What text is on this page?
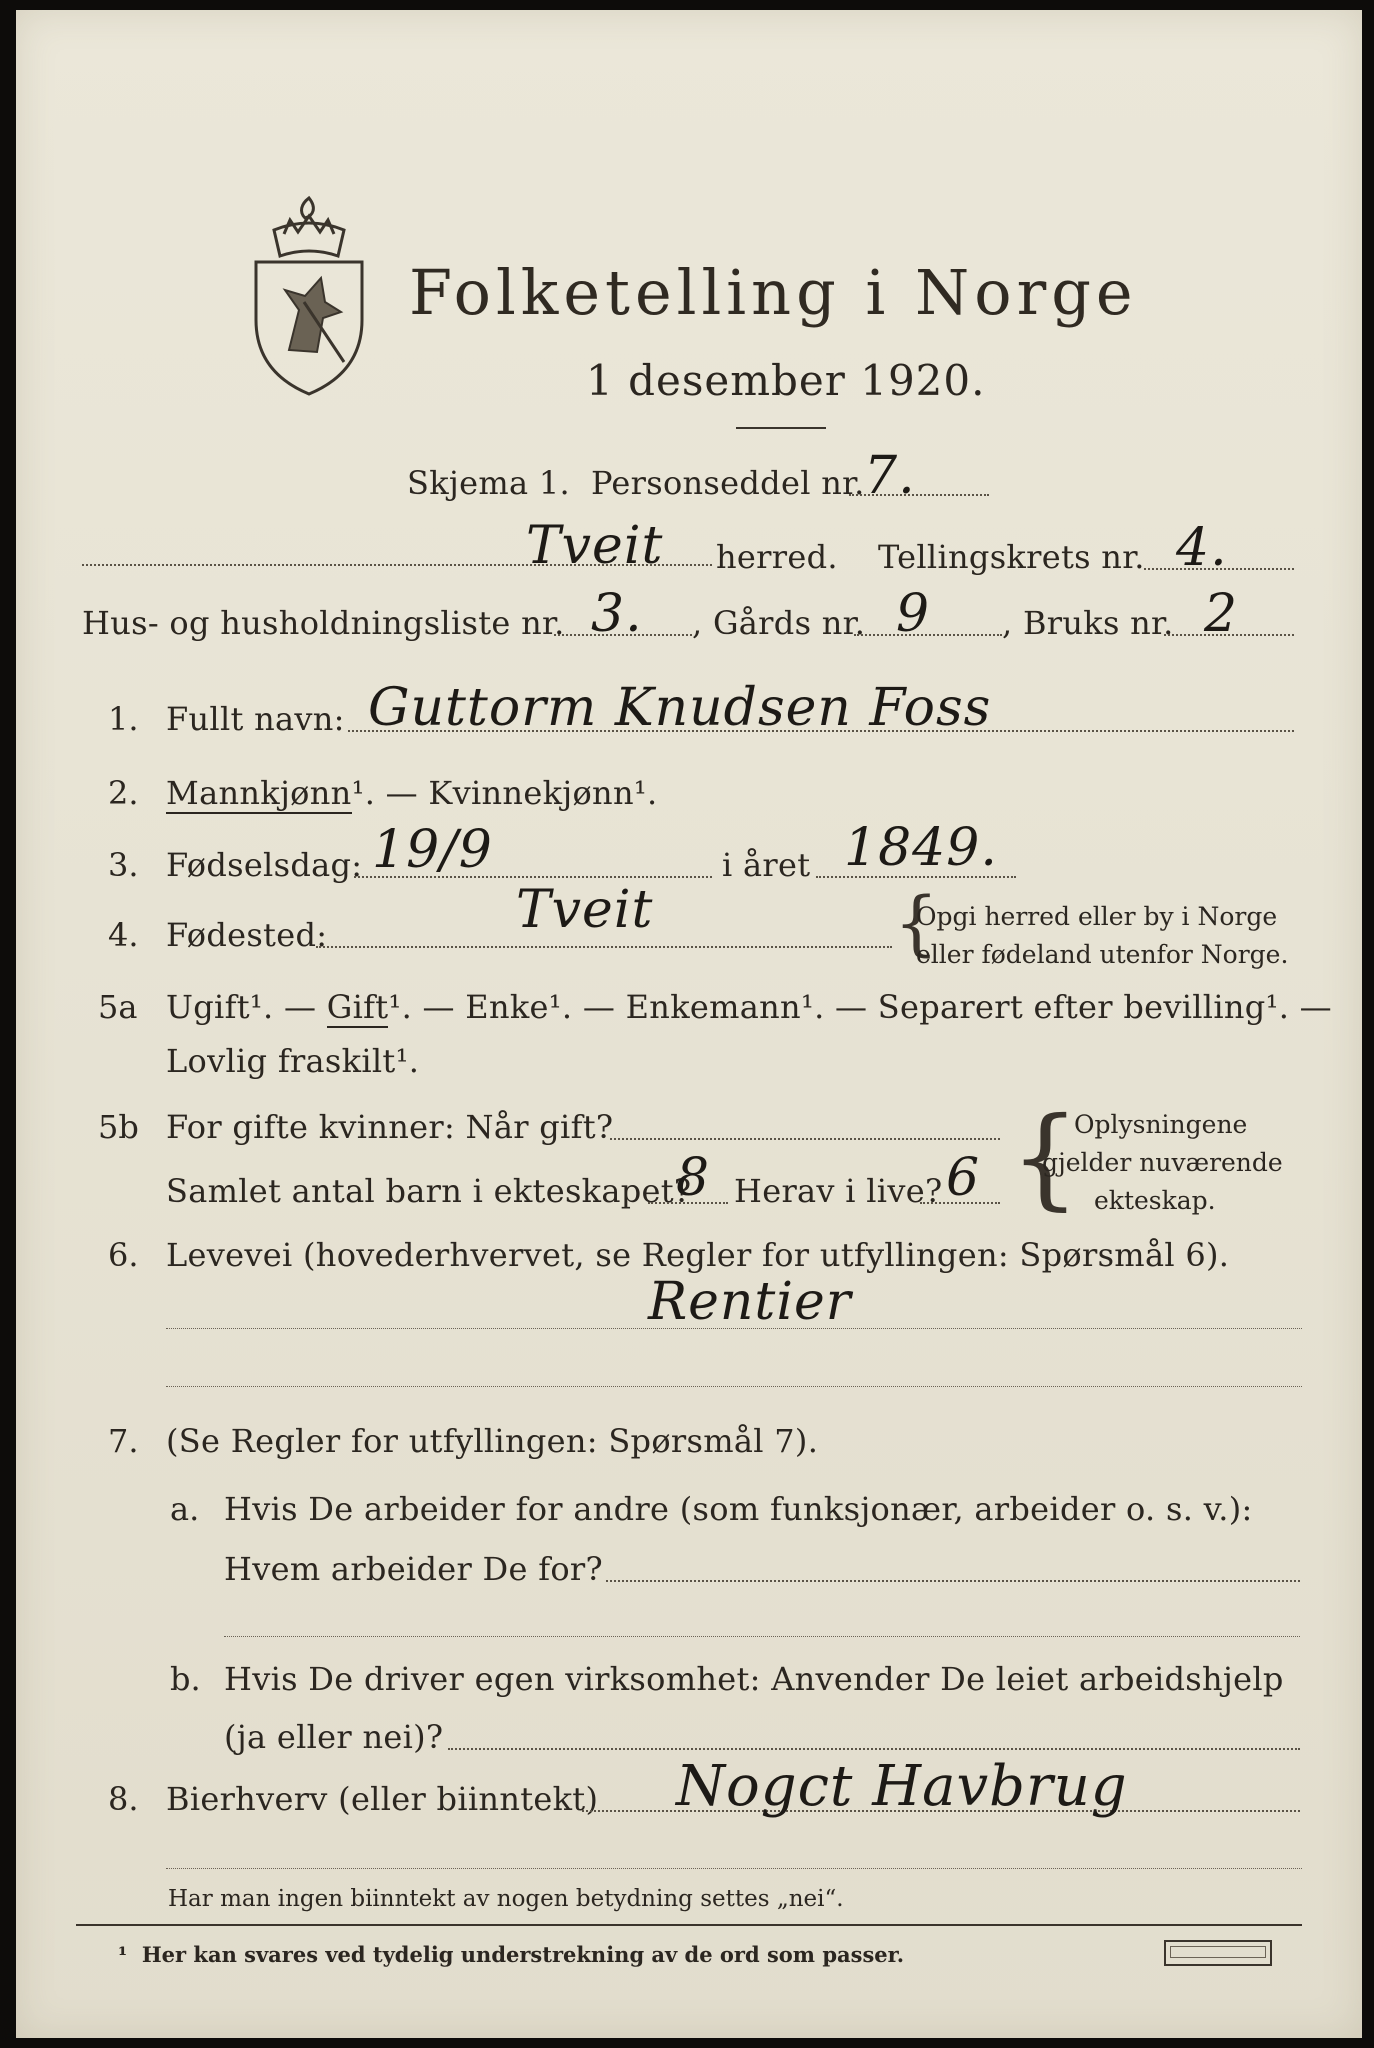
Folketelling i Norge
1 desember 1920.
Skjema 1. Personseddel nr. 7.
Tveit herred. Tellingskrets nr. 4.
Hus- og husholdningsliste nr. 3. , Gårds nr. 9 , Bruks nr. 2
1. Fullt navn: Guttorm Knudsen Foss
2. Mannkjønn¹. — Kvinnekjønn¹.
3. Fødselsdag: 19/9	i året 1849.
4. Fødested:	Tveit	{
Opgi herred eller by i Norge
eller fødeland utenfor Norge.
5a Ugift¹. — Gift¹. — Enke¹. — Enkemann¹. — Separert efter bevilling¹. —
Lovlig fraskilt¹.
5b For gifte kvinner: Når gift?
Samlet antal barn i ekteskapet?
8 Herav i live? 6 {
Oplysningene
gjelder nuværende
ekteskap.
6. Levevei (hovederhvervet, se Regler for utfyllingen: Spørsmål 6).
Rentier
7. (Se Regler for utfyllingen: Spørsmål 7).
a. Hvis De arbeider for andre (som funksjonær, arbeider o. s. v.):
Hvem arbeider De for?
b. Hvis De driver egen virksomhet: Anvender De leiet arbeidshjelp
(ja eller nei)?
8. Bierhverv (eller biinntekt) Nogct Havbrug
Har man ingen biinntekt av nogen betydning settes „nei“.
¹ Her kan svares ved tydelig understrekning av de ord som passer.
